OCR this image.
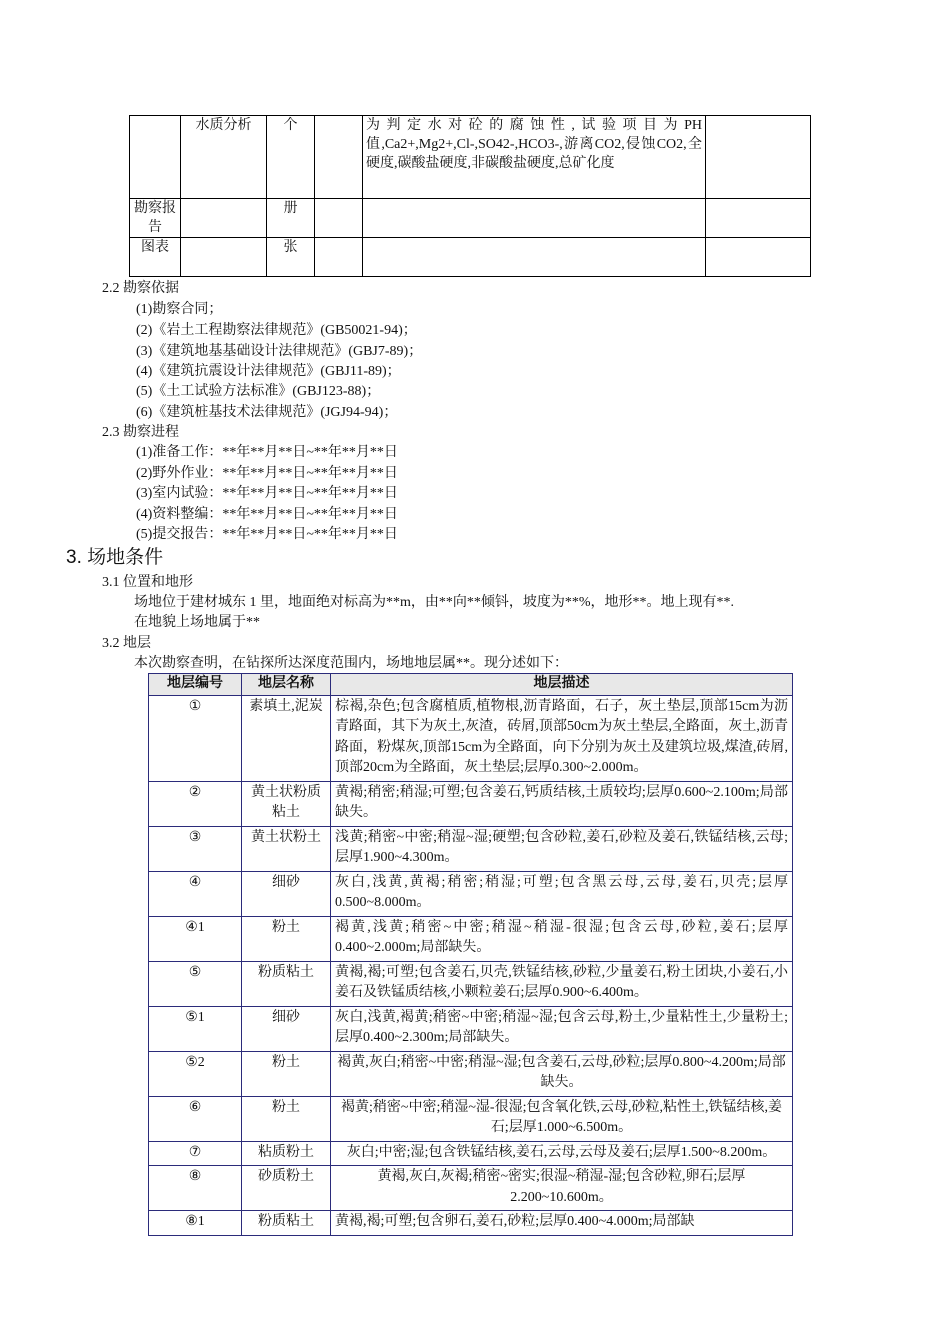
	水质分析	个		为判定水对砼的腐蚀性,试验项目为PH值,Ca2+,Mg2+,Cl-,SO42-,HCO3-,游离CO2,侵蚀CO2,全硬度,碳酸盐硬度,非碳酸盐硬度,总矿化度	
勘察报告		册			
图表		张			
2.2 勘察依据
(1)勘察合同；
(2)《岩土工程勘察法律规范》(GB50021-94)；
(3)《建筑地基基础设计法律规范》(GBJ7-89)；
(4)《建筑抗震设计法律规范》(GBJ11-89)；
(5)《土工试验方法标准》(GBJ123-88)；
(6)《建筑桩基技术法律规范》(JGJ94-94)；
2.3 勘察进程
(1)准备工作：**年**月**日~**年**月**日
(2)野外作业：**年**月**日~**年**月**日
(3)室内试验：**年**月**日~**年**月**日
(4)资料整编：**年**月**日~**年**月**日
(5)提交报告：**年**月**日~**年**月**日
3. 场地条件
3.1 位置和地形
场地位于建材城东 1 里，地面绝对标高为**m，由**向**倾钭，坡度为**%，地形**。地上现有**.
在地貌上场地属于**
3.2 地层
本次勘察查明，在钻探所达深度范围内，场地地层属**。现分述如下：
地层编号	地层名称	地层描述
①	素填土,泥炭	棕褐,杂色;包含腐植质,植物根,沥青路面，石子，灰土垫层,顶部15cm为沥青路面，其下为灰土,灰渣，砖屑,顶部50cm为灰土垫层,全路面，灰土,沥青路面，粉煤灰,顶部15cm为全路面，向下分别为灰土及建筑垃圾,煤渣,砖屑,顶部20cm为全路面，灰土垫层;层厚0.300~2.000m。
②	黄土状粉质粘土	黄褐;稍密;稍湿;可塑;包含姜石,钙质结核,土质较均;层厚0.600~2.100m;局部缺失。
③	黄土状粉土	浅黄;稍密~中密;稍湿~湿;硬塑;包含砂粒,姜石,砂粒及姜石,铁锰结核,云母;层厚1.900~4.300m。
④	细砂	灰白,浅黄,黄褐;稍密;稍湿;可塑;包含黑云母,云母,姜石,贝壳;层厚0.500~8.000m。
④1	粉土	褐黄,浅黄;稍密~中密;稍湿~稍湿-很湿;包含云母,砂粒,姜石;层厚0.400~2.000m;局部缺失。
⑤	粉质粘土	黄褐,褐;可塑;包含姜石,贝壳,铁锰结核,砂粒,少量姜石,粉土团块,小姜石,小姜石及铁锰质结核,小颗粒姜石;层厚0.900~6.400m。
⑤1	细砂	灰白,浅黄,褐黄;稍密~中密;稍湿~湿;包含云母,粉土,少量粘性土,少量粉土;层厚0.400~2.300m;局部缺失。
⑤2	粉土	褐黄,灰白;稍密~中密;稍湿~湿;包含姜石,云母,砂粒;层厚0.800~4.200m;局部缺失。
⑥	粉土	褐黄;稍密~中密;稍湿~湿-很湿;包含氧化铁,云母,砂粒,粘性土,铁锰结核,姜石;层厚1.000~6.500m。
⑦	粘质粉土	灰白;中密;湿;包含铁锰结核,姜石,云母,云母及姜石;层厚1.500~8.200m。
⑧	砂质粉土	黄褐,灰白,灰褐;稍密~密实;很湿~稍湿-湿;包含砂粒,卵石;层厚2.200~10.600m。
⑧1	粉质粘土	黄褐,褐;可塑;包含卵石,姜石,砂粒;层厚0.400~4.000m;局部缺
